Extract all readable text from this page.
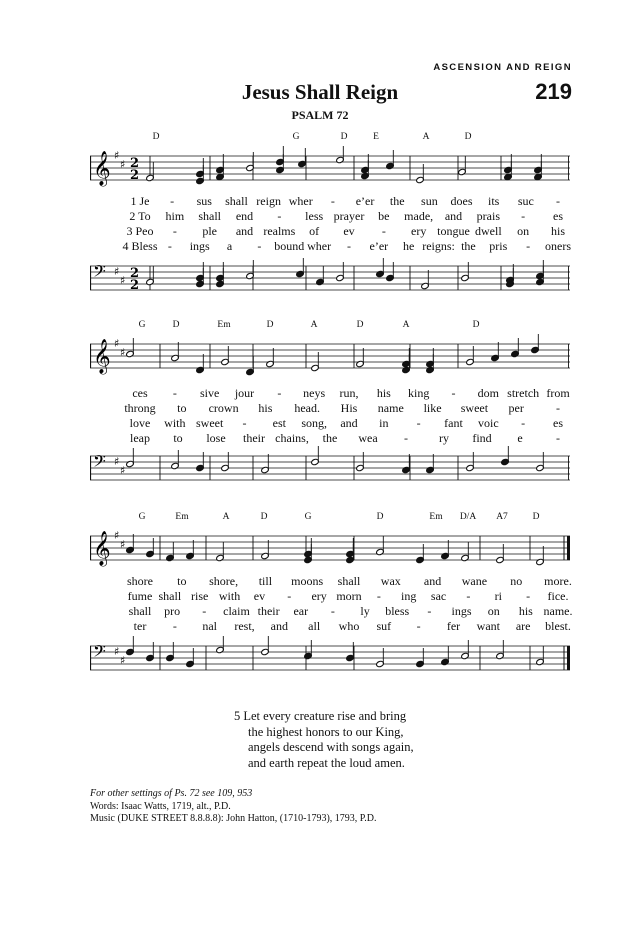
ASCENSION AND REIGN
Jesus Shall Reign	219
PSALM 72
D	G	D	E	A	D
𝄞 ♯
♯ 2
2
1 Je - sus shall reign wher - e’er the sun does its suc -
2 To him shall end - less prayer be made, and prais - es
3 Peo - ple and realms of ev - ery tongue dwell on his
4 Bless - ings a - bound wher - e’er he reigns: the pris - oners
𝄢 ♯
♯ 2
2
G	D	Em	D	A	D	A	D
𝄞 ♯
♯
ces - sive jour - neys run, his king - dom stretch from
throng to crown his head. His name like sweet per	-
love with sweet - est song, and in - fant voic - es
leap to lose their chains, the wea -	ry find e	-
𝄢 ♯
♯
G	Em	A	D	G	D	Em D/A A7	D
𝄞 ♯
♯
shore to shore, till moons shall wax and wane no more.
fume shall rise with ev - ery morn - ing sac - ri - fice.
shall pro - claim their ear - ly bless - ings on his name.
ter - nal rest, and all who suf - fer want are blest.
𝄢 ♯
♯
5 Let every creature rise and bring
the highest honors to our King,
angels descend with songs again,
and earth repeat the loud amen.
For other settings of Ps. 72 see 109, 953
Words: Isaac Watts, 1719, alt., P.D.
Music (DUKE STREET 8.8.8.8): John Hatton, (1710-1793), 1793, P.D.
